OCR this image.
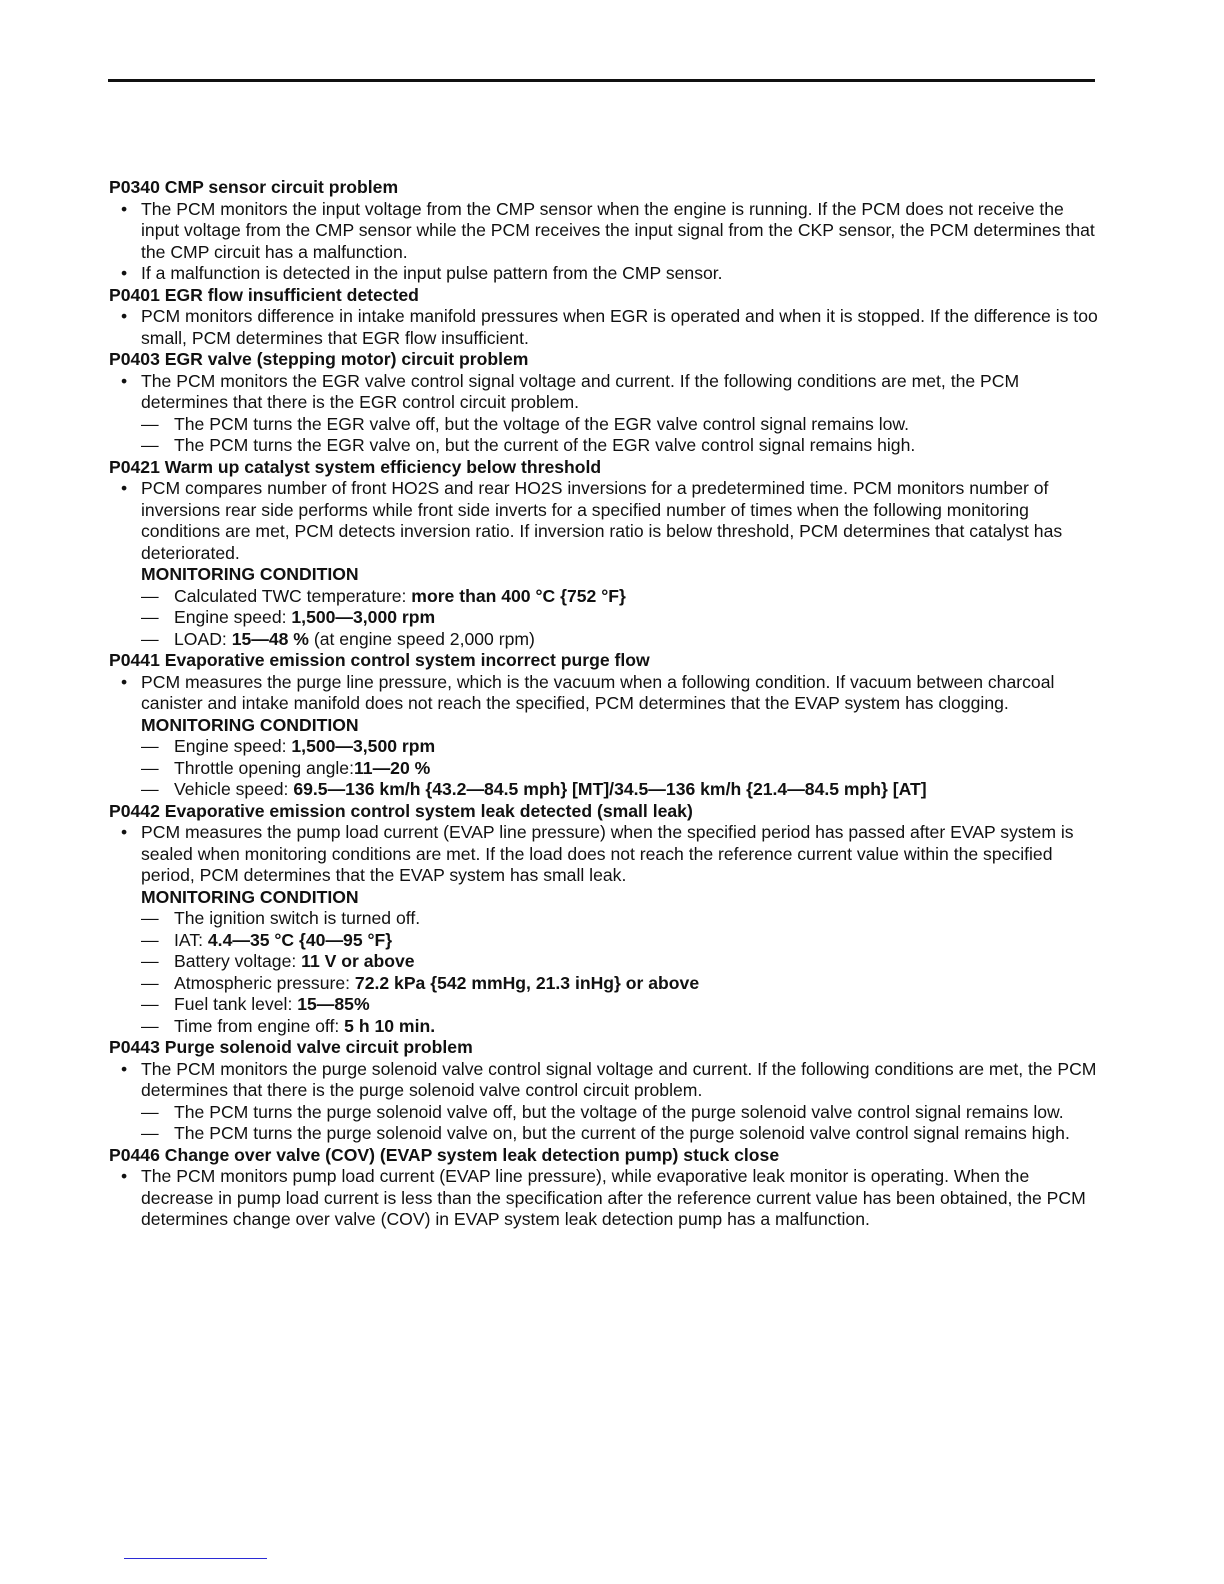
P0340 CMP sensor circuit problem

• The PCM monitors the input voltage from the CMP sensor when the engine is running. If the PCM does not receive the input voltage from the CMP sensor while the PCM receives the input signal from the CKP sensor, the PCM determines that the CMP circuit has a malfunction.

• If a malfunction is detected in the input pulse pattern from the CMP sensor.

P0401 EGR flow insufficient detected

• PCM monitors difference in intake manifold pressures when EGR is operated and when it is stopped. If the difference is too small, PCM determines that EGR flow insufficient.

P0403 EGR valve (stepping motor) circuit problem

• The PCM monitors the EGR valve control signal voltage and current. If the following conditions are met, the PCM determines that there is the EGR control circuit problem.

— The PCM turns the EGR valve off, but the voltage of the EGR valve control signal remains low.

— The PCM turns the EGR valve on, but the current of the EGR valve control signal remains high.

P0421 Warm up catalyst system efficiency below threshold

• PCM compares number of front HO2S and rear HO2S inversions for a predetermined time. PCM monitors number of inversions rear side performs while front side inverts for a specified number of times when the following monitoring conditions are met, PCM detects inversion ratio. If inversion ratio is below threshold, PCM determines that catalyst has deteriorated.

MONITORING CONDITION

— Calculated TWC temperature: more than 400 °C {752 °F}

— Engine speed: 1,500—3,000 rpm

— LOAD: 15—48 % (at engine speed 2,000 rpm)

P0441 Evaporative emission control system incorrect purge flow

• PCM measures the purge line pressure, which is the vacuum when a following condition. If vacuum between charcoal canister and intake manifold does not reach the specified, PCM determines that the EVAP system has clogging.

MONITORING CONDITION

— Engine speed: 1,500—3,500 rpm

— Throttle opening angle:11—20 %

— Vehicle speed: 69.5—136 km/h {43.2—84.5 mph} [MT]/34.5—136 km/h {21.4—84.5 mph} [AT]

P0442 Evaporative emission control system leak detected (small leak)

• PCM measures the pump load current (EVAP line pressure) when the specified period has passed after EVAP system is sealed when monitoring conditions are met. If the load does not reach the reference current value within the specified period, PCM determines that the EVAP system has small leak.

MONITORING CONDITION

— The ignition switch is turned off.

— IAT: 4.4—35 °C {40—95 °F}

— Battery voltage: 11 V or above

— Atmospheric pressure: 72.2 kPa {542 mmHg, 21.3 inHg} or above

— Fuel tank level: 15—85%

— Time from engine off: 5 h 10 min.

P0443 Purge solenoid valve circuit problem

• The PCM monitors the purge solenoid valve control signal voltage and current. If the following conditions are met, the PCM determines that there is the purge solenoid valve control circuit problem.

— The PCM turns the purge solenoid valve off, but the voltage of the purge solenoid valve control signal remains low.

— The PCM turns the purge solenoid valve on, but the current of the purge solenoid valve control signal remains high.

P0446 Change over valve (COV) (EVAP system leak detection pump) stuck close

• The PCM monitors pump load current (EVAP line pressure), while evaporative leak monitor is operating. When the decrease in pump load current is less than the specification after the reference current value has been obtained, the PCM determines change over valve (COV) in EVAP system leak detection pump has a malfunction.
